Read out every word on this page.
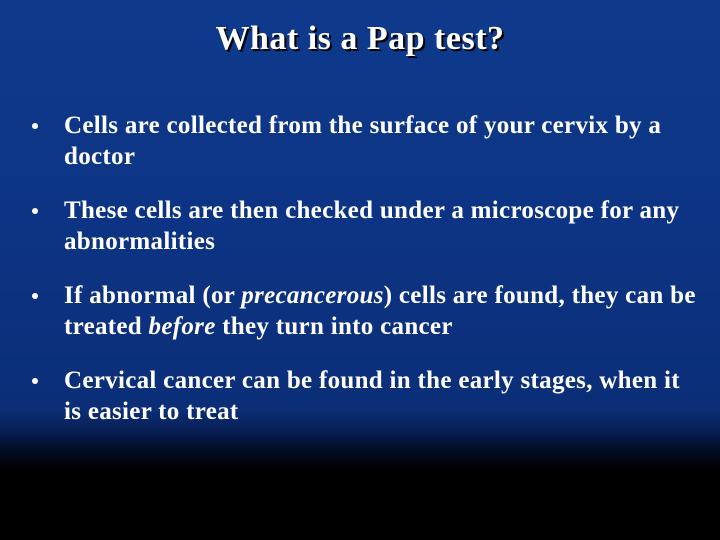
What is a Pap test?
Cells are collected from the surface of your cervix by a doctor
These cells are then checked under a microscope for any abnormalities
If abnormal (or precancerous) cells are found, they can be treated before they turn into cancer
Cervical cancer can be found in the early stages, when it is easier to treat
